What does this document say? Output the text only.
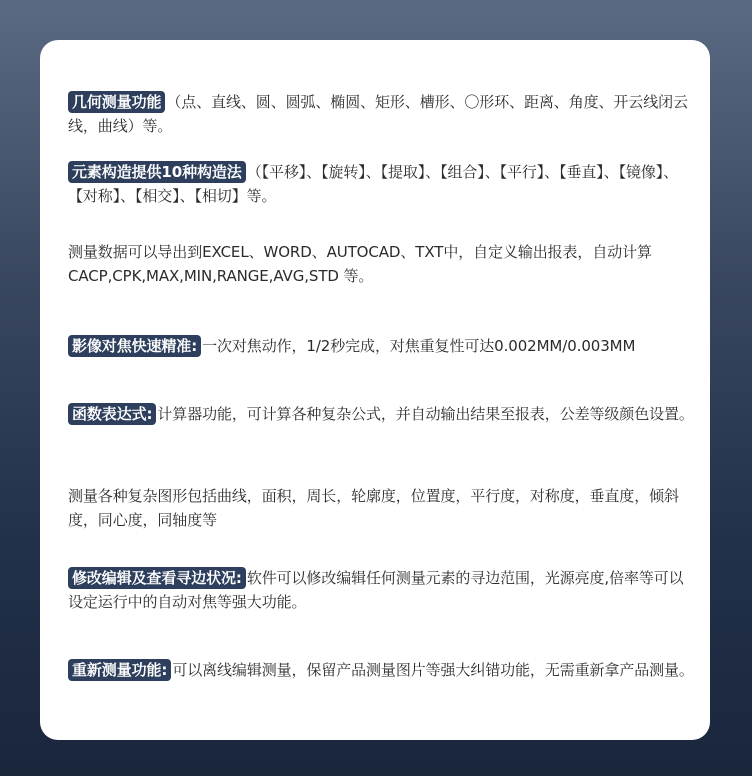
几何测量功能 （点、直线、圆、圆弧、椭圆、矩形、槽形、〇形环、距离、角度、开云线闭云线，曲线）等。
元素构造提供10种构造法 （【平移】、【旋转】、【提取】、【组合】、【平行】、【垂直】、【镜像】、【对称】、【相交】、【相切】等。
测量数据可以导出到EXCEL、WORD、AUTOCAD、TXT中，自定义输出报表，自动计算 CACP,CPK,MAX,MIN,RANGE,AVG,STD 等。
影像对焦快速精准: 一次对焦动作，1/2秒完成，对焦重复性可达0.002MM/0.003MM
函数表达式: 计算器功能，可计算各种复杂公式，并自动输出结果至报表，公差等级颜色设置。
测量各种复杂图形包括曲线，面积，周长，轮廓度，位置度，平行度，对称度，垂直度，倾斜度，同心度，同轴度等
修改编辑及查看寻边状况: 软件可以修改编辑任何测量元素的寻边范围，光源亮度,倍率等可以设定运行中的自动对焦等强大功能。
重新测量功能: 可以离线编辑测量，保留产品测量图片等强大纠错功能，无需重新拿产品测量。
